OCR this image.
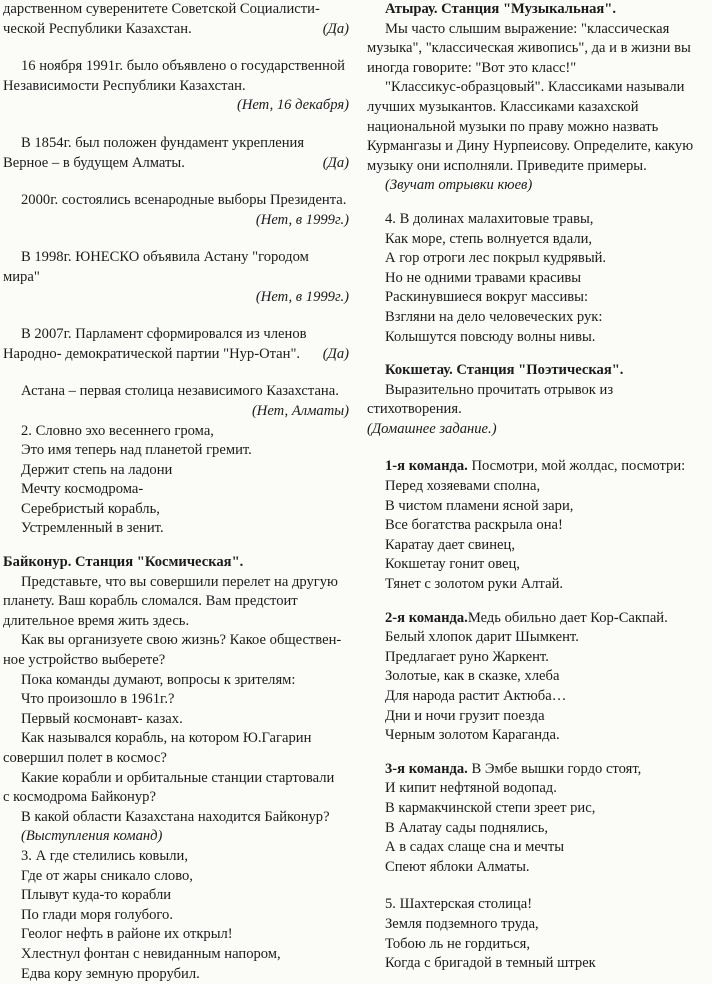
дарственном суверенитете Советской Социалисти-

ческой Республики Казахстан.	(Да)

16 ноября 1991г. было объявлено о государственной

Независимости Республики Казахстан.

(Нет, 16 декабря)

В 1854г. был положен фундамент укрепления

Верное – в будущем Алматы.	(Да)

2000г. состоялись всенародные выборы Президента.

(Нет, в 1999г.)

В 1998г. ЮНЕСКО объявила Астану "городом мира"

(Нет, в 1999г.)

В 2007г. Парламент сформировался из членов

Народно- демократической партии "Нур-Отан". (Да)

Астана – первая столица независимого Казахстана.

(Нет, Алматы)

2. Словно эхо весеннего грома,

Это имя теперь над планетой гремит.

Держит степь на ладони

Мечту космодрома-

Серебристый корабль,

Устремленный в зенит.

Байконур. Станция "Космическая".

Представьте, что вы совершили перелет на другую

планету. Ваш корабль сломался. Вам предстоит

длительное время жить здесь.

Как вы организуете свою жизнь? Какое обществен-

ное устройство выберете?

Пока команды думают, вопросы к зрителям:

Что произошло в 1961г.?

Первый космонавт- казах.

Как назывался корабль, на котором Ю.Гагарин

совершил полет в космос?

Какие корабли и орбитальные станции стартовали

с космодрома Байконур?

В какой области Казахстана находится Байконур?

(Выступления команд)

3. А где стелились ковыли,

Где от жары сникало слово,

Плывут куда-то корабли

По глади моря голубого.

Геолог нефть в районе их открыл!

Хлестнул фонтан с невиданным напором,

Едва кору земную прорубил.

Атырау. Станция "Музыкальная".

Мы часто слышим выражение: "классическая

музыка", "классическая живопись", да и в жизни вы

иногда говорите: "Вот это класс!"

"Классикус-образцовый". Классиками называли

лучших музыкантов. Классиками казахской

национальной музыки по праву можно назвать

Курмангазы и Дину Нурпеисову. Определите, какую

музыку они исполняли. Приведите примеры.

(Звучат отрывки кюев)

4. В долинах малахитовые травы,

Как море, степь волнуется вдали,

А гор отроги лес покрыл кудрявый.

Но не одними травами красивы

Раскинувшиеся вокруг массивы:

Взгляни на дело человеческих рук:

Колышутся повсюду волны нивы.

Кокшетау. Станция "Поэтическая".

Выразительно прочитать отрывок из стихотворения.

(Домашнее задание.)

1-я команда. Посмотри, мой жолдас, посмотри:

Перед хозяевами сполна,

В чистом пламени ясной зари,

Все богатства раскрыла она!

Каратау дает свинец,

Кокшетау гонит овец,

Тянет с золотом руки Алтай.

2-я команда.Медь обильно дает Кор-Сакпай.

Белый хлопок дарит Шымкент.

Предлагает руно Жаркент.

Золотые, как в сказке, хлеба

Для народа растит Актюба…

Дни и ночи грузит поезда

Черным золотом Караганда.

3-я команда. В Эмбе вышки гордо стоят,

И кипит нефтяной водопад.

В кармакчинской степи зреет рис,

В Алатау сады поднялись,

А в садах слаще сна и мечты

Спеют яблоки Алматы.

5. Шахтерская столица!

Земля подземного труда,

Тобою ль не гордиться,

Когда с бригадой в темный штрек
